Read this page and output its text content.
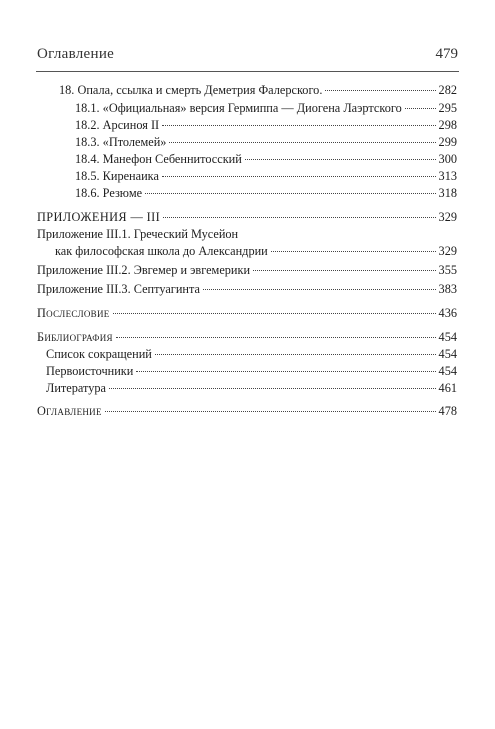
Оглавление	479
18. Опала, ссылка и смерть Деметрия Фалерского.	282
18.1. «Официальная» версия Гермиппа — Диогена Лаэртского	295
18.2. Арсиноя II	298
18.3. «Птолемей»	299
18.4. Манефон Себеннитосский	300
18.5. Киренаика	313
18.6. Резюме	318
ПРИЛОЖЕНИЯ — III	329
Приложение III.1. Греческий Мусейон
как философская школа до Александрии	329
Приложение III.2. Эвгемер и эвгемерики	355
Приложение III.3. Септуагинта	383
Послесловие	436
Библиография	454
Список сокращений	454
Первоисточники	454
Литература	461
Оглавление	478
